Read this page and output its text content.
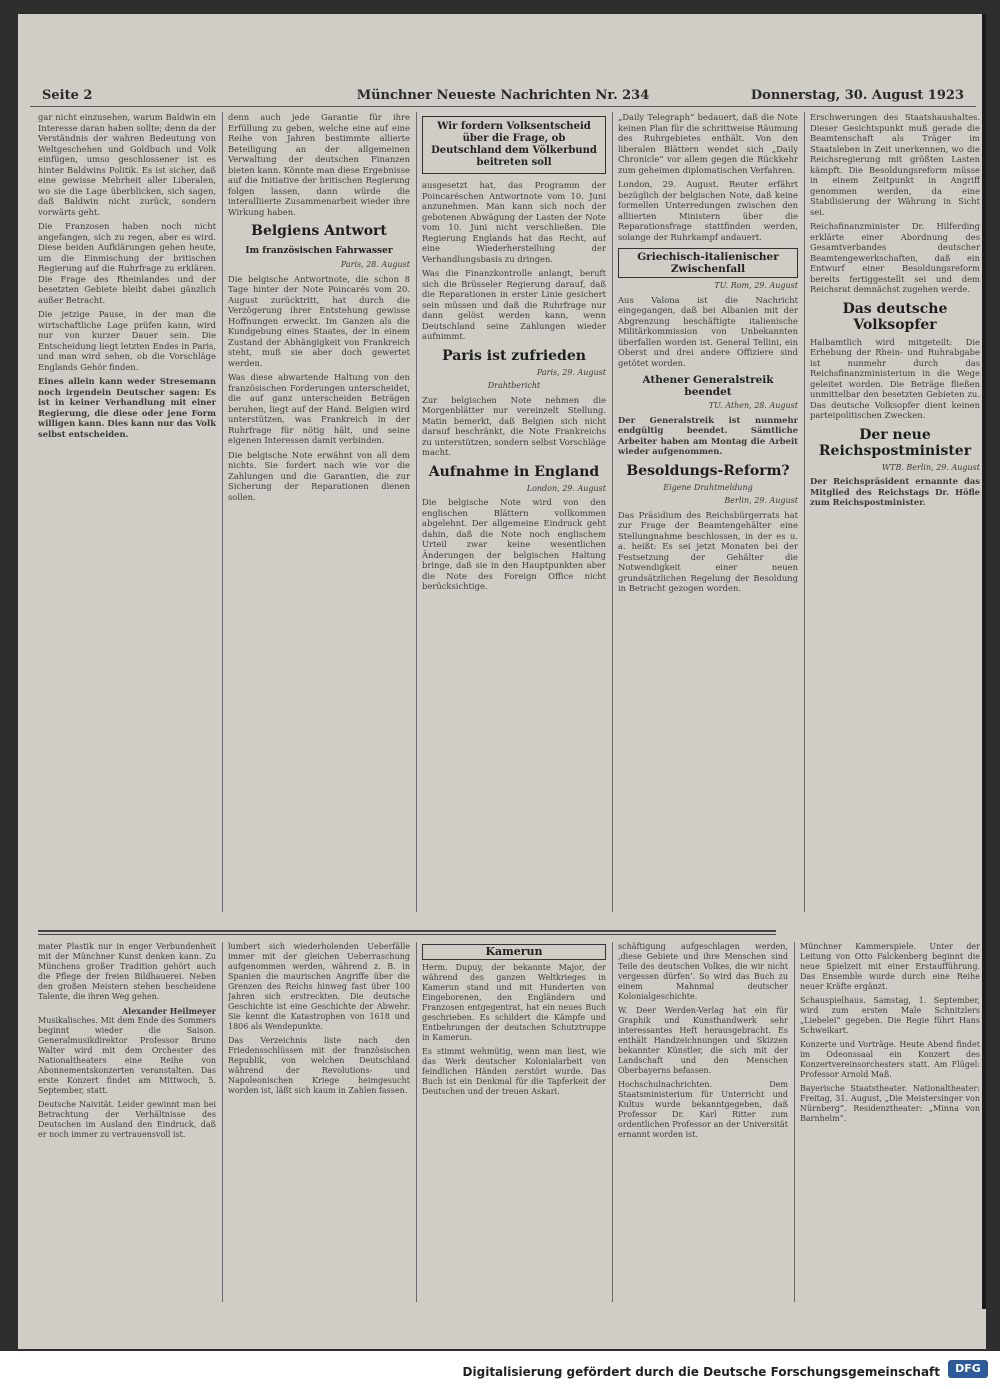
Seite 2	Münchner Neueste Nachrichten Nr. 234	Donnerstag, 30. August 1923

gar nicht einzusehen, warum Baldwin ein Interesse daran haben sollte; denn da der Verständnis der wahren Bedeutung von Weltgeschehen und Goldbuch und Volk einfügen, umso geschlossener ist es hinter Baldwins Politik. Es ist sicher, daß eine gewisse Mehrheit aller Liberalen, wo sie die Lage überblicken, sich sagen, daß Baldwin nicht zurück, sondern vorwärts geht.

Die Franzosen haben noch nicht angefangen, sich zu regen, aber es wird. Diese beiden Aufklärungen gehen heute, um die Einmischung der britischen Regierung auf die Ruhrfrage zu erklären. Die Frage des Rheinlandes und der besetzten Gebiete bleibt dabei gänzlich außer Betracht.

Die jetzige Pause, in der man die wirtschaftliche Lage prüfen kann, wird nur von kurzer Dauer sein. Die Entscheidung liegt letzten Endes in Paris, und man wird sehen, ob die Vorschläge Englands Gehör finden.

Eines allein kann weder Stresemann noch irgendein Deutscher sagen: Es ist in keiner Verhandlung mit einer Regierung, die diese oder jene Form willigen kann. Dies kann nur das Volk selbst entscheiden.

denn auch jede Garantie für ihre Erfüllung zu geben, welche eine auf eine Reihe von Jahren bestimmte allierte Beteiligung an der allgemeinen Verwaltung der deutschen Finanzen bieten kann. Könnte man diese Ergebnisse auf die Initiative der britischen Regierung folgen lassen, dann würde die interalliierte Zusammenarbeit wieder ihre Wirkung haben.

Belgiens Antwort
Im französischen Fahrwasser
Paris, 28. August

Die belgische Antwortnote, die schon 8 Tage hinter der Note Poincarés vom 20. August zurücktritt, hat durch die Verzögerung ihrer Entstehung gewisse Hoffnungen erweckt. Im Ganzen als die Kundgebung eines Staates, der in einem Zustand der Abhängigkeit von Frankreich steht, muß sie aber doch gewertet werden.

Was diese abwartende Haltung von den französischen Forderungen unterscheidet, die auf ganz unterscheiden Beträgen beruhen, liegt auf der Hand. Belgien wird unterstützen, was Frankreich in der Ruhrfrage für nötig hält, und seine eigenen Interessen damit verbinden.

Die belgische Note erwähnt von all dem nichts. Sie fordert nach wie vor die Zahlungen und die Garantien, die zur Sicherung der Reparationen dienen sollen.

Wir fordern Volksentscheid über die Frage, ob Deutschland dem Völkerbund beitreten soll

ausgesetzt hat, das Programm der Poincaréschen Antwortnote vom 10. Juni anzunehmen. Man kann sich noch der gebotenen Abwägung der Lasten der Note vom 10. Juni nicht verschließen. Die Regierung Englands hat das Recht, auf eine Wiederherstellung der Verhandlungsbasis zu dringen.

Was die Finanzkontrolle anlangt, beruft sich die Brüsseler Regierung darauf, daß die Reparationen in erster Linie gesichert sein müssen und daß die Ruhrfrage nur dann gelöst werden kann, wenn Deutschland seine Zahlungen wieder aufnimmt.

Paris ist zufrieden
Paris, 29. August
Drahtbericht

Zur belgischen Note nehmen die Morgenblätter nur vereinzelt Stellung. Matin bemerkt, daß Belgien sich nicht darauf beschränkt, die Note Frankreichs zu unterstützen, sondern selbst Vorschläge macht.

Aufnahme in England
London, 29. August

Die belgische Note wird von den englischen Blättern vollkommen abgelehnt. Der allgemeine Eindruck geht dahin, daß die Note noch englischem Urteil zwar keine wesentlichen Änderungen der belgischen Haltung bringe, daß sie in den Hauptpunkten aber die Note des Foreign Office nicht berücksichtige.

„Daily Telegraph“ bedauert, daß die Note keinen Plan für die schrittweise Räumung des Ruhrgebietes enthält. Von den liberalen Blättern wendet sich „Daily Chronicle“ vor allem gegen die Rückkehr zum geheimen diplomatischen Verfahren.

London, 29. August. Reuter erfährt bezüglich der belgischen Note, daß keine formellen Unterredungen zwischen den alliierten Ministern über die Reparationsfrage stattfinden werden, solange der Ruhrkampf andauert.

Griechisch-italienischer Zwischenfall
TU. Rom, 29. August

Aus Valona ist die Nachricht eingegangen, daß bei Albanien mit der Abgrenzung beschäftigte italienische Militärkommission von Unbekannten überfallen worden ist. General Tellini, ein Oberst und drei andere Offiziere sind getötet worden.

Athener Generalstreik beendet
TU. Athen, 28. August

Der Generalstreik ist nunmehr endgültig beendet. Sämtliche Arbeiter haben am Montag die Arbeit wieder aufgenommen.

Besoldungs-Reform?
Eigene Drahtmeldung
Berlin, 29. August

Das Präsidium des Reichsbürgerrats hat zur Frage der Beamtengehälter eine Stellungnahme beschlossen, in der es u. a. heißt: Es sei jetzt Monaten bei der Festsetzung der Gehälter die Notwendigkeit einer neuen grundsätzlichen Regelung der Besoldung in Betracht gezogen worden.

Erschwerungen des Staatshaushaltes. Dieser Gesichtspunkt muß gerade die Beamtenschaft als Träger im Staatsleben in Zeit unerkennen, wo die Reichsregierung mit größten Lasten kämpft. Die Besoldungsreform müsse in einem Zeitpunkt in Angriff genommen werden, da eine Stabilisierung der Währung in Sicht sei.

Reichsfinanzminister Dr. Hilferding erklärte einer Abordnung des Gesamtverbandes deutscher Beamtengewerkschaften, daß ein Entwurf einer Besoldungsreform bereits fertiggestellt sei und dem Reichsrat demnächst zugehen werde.

Das deutsche Volksopfer

Halbamtlich wird mitgeteilt: Die Erhebung der Rhein- und Ruhrabgabe ist nunmehr durch das Reichsfinanzministerium in die Wege geleitet worden. Die Beträge fließen unmittelbar den besetzten Gebieten zu. Das deutsche Volksopfer dient keinen parteipolitischen Zwecken.

Der neue Reichspostminister
WTB. Berlin, 29. August

Der Reichspräsident ernannte das Mitglied des Reichstags Dr. Höfle zum Reichspostminister.

mater Plastik nur in enger Verbundenheit mit der Münchner Kunst denken kann. Zu Münchens großer Tradition gehört auch die Pflege der freien Bildhauerei. Neben den großen Meistern stehen bescheidene Talente, die ihren Weg gehen.

Alexander Heilmeyer

Musikalisches. Mit dem Ende des Sommers beginnt wieder die Saison. Generalmusikdirektor Professor Bruno Walter wird mit dem Orchester des Nationaltheaters eine Reihe von Abonnementskonzerten veranstalten. Das erste Konzert findet am Mittwoch, 5. September, statt.

Deutsche Naivität. Leider gewinnt man bei Betrachtung der Verhältnisse des Deutschen im Ausland den Eindruck, daß er noch immer zu vertrauensvoll ist.

lumbert sich wiederholenden Ueberfälle immer mit der gleichen Ueberraschung aufgenommen werden, während z. B. in Spanien die maurischen Angriffe über die Grenzen des Reichs hinweg fast über 100 Jahren sich erstreckten. Die deutsche Geschichte ist eine Geschichte der Abwehr. Sie kennt die Katastrophen von 1618 und 1806 als Wendepunkte.

Das Verzeichnis liste nach den Friedensschlüssen mit der französischen Republik, von welchen Deutschland während der Revolutions- und Napoleonischen Kriege heimgesucht worden ist, läßt sich kaum in Zahlen fassen.

Kamerun

Herm. Dupuy, der bekannte Major, der während des ganzen Weltkrieges in Kamerun stand und mit Hunderten von Eingeborenen, den Engländern und Franzosen entgegentrat, hat ein neues Buch geschrieben. Es schildert die Kämpfe und Entbehrungen der deutschen Schutztruppe in Kamerun.

Es stimmt wehmütig, wenn man liest, wie das Werk deutscher Kolonialarbeit von feindlichen Händen zerstört wurde. Das Buch ist ein Denkmal für die Tapferkeit der Deutschen und der treuen Askari.

schäftigung aufgeschlagen werden, ‚diese Gebiete und ihre Menschen sind Teile des deutschen Volkes, die wir nicht vergessen dürfen‘. So wird das Buch zu einem Mahnmal deutscher Kolonialgeschichte.

W. Deer Werden-Verlag hat ein für Graphik und Kunsthandwerk sehr interessantes Heft herausgebracht. Es enthält Handzeichnungen und Skizzen bekannter Künstler, die sich mit der Landschaft und den Menschen Oberbayerns befassen.

Hochschulnachrichten. Dem Staatsministerium für Unterricht und Kultus wurde bekanntgegeben, daß Professor Dr. Karl Ritter zum ordentlichen Professor an der Universität ernannt worden ist.

Münchner Kammerspiele. Unter der Leitung von Otto Falckenberg beginnt die neue Spielzeit mit einer Erstaufführung. Das Ensemble wurde durch eine Reihe neuer Kräfte ergänzt.

Schauspielhaus. Samstag, 1. September, wird zum ersten Male Schnitzlers „Liebelei“ gegeben. Die Regie führt Hans Schweikart.

Konzerte und Vorträge. Heute Abend findet im Odeonssaal ein Konzert des Konzertvereinsorchesters statt. Am Flügel: Professor Arnold Maß.

Bayerische Staatstheater. Nationaltheater: Freitag, 31. August, „Die Meistersinger von Nürnberg“. Residenztheater: „Minna von Barnhelm“.

Digitalisierung gefördert durch die Deutsche Forschungsgemeinschaft	DFG
